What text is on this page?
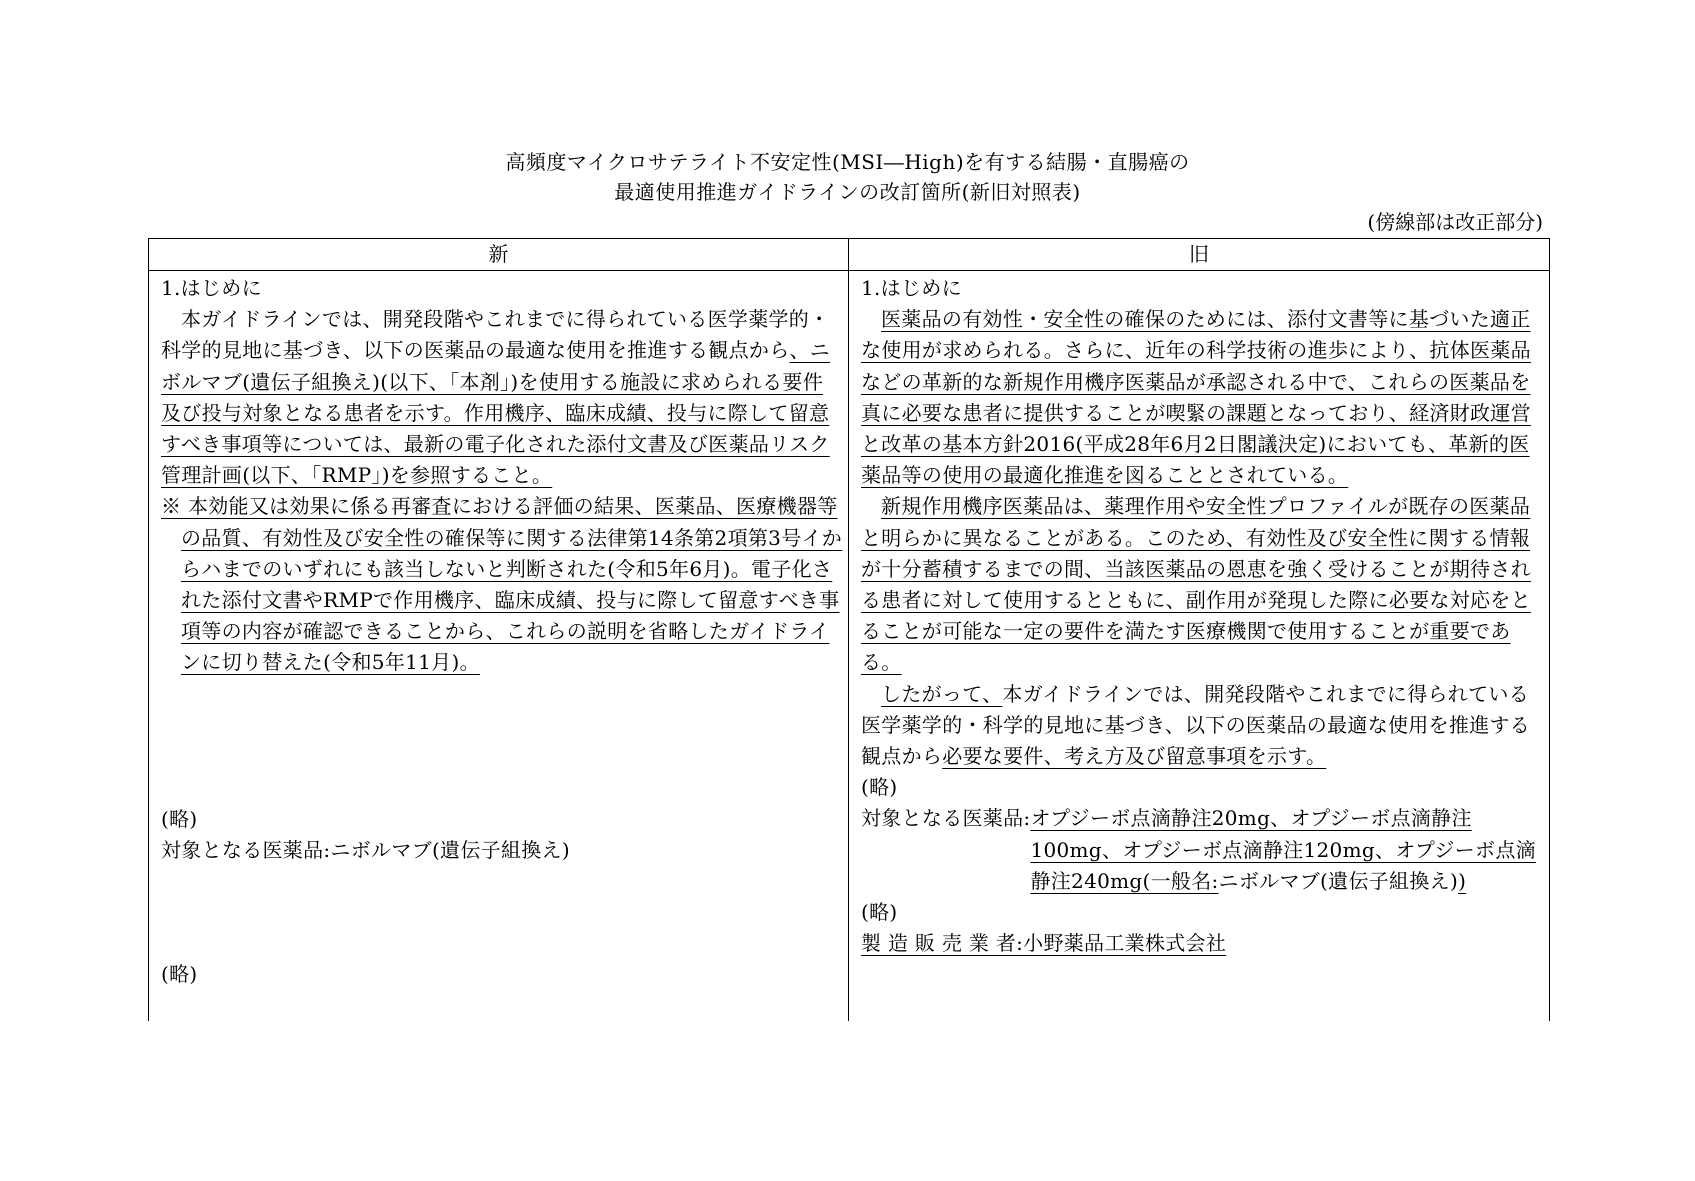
高頻度マイクロサテライト不安定性(MSI―High)を有する結腸・直腸癌の
最適使用推進ガイドラインの改訂箇所(新旧対照表)
(傍線部は改正部分)
新	旧

1.はじめに

本ガイドラインでは、開発段階やこれまでに得られている医学薬学的・科学的見地に基づき、以下の医薬品の最適な使用を推進する観点から、ニボルマブ(遺伝子組換え)(以下、「本剤」)を使用する施設に求められる要件及び投与対象となる患者を示す。作用機序、臨床成績、投与に際して留意すべき事項等については、最新の電子化された添付文書及び医薬品リスク管理計画(以下、「RMP」)を参照すること。

※ 本効能又は効果に係る再審査における評価の結果、医薬品、医療機器等の品質、有効性及び安全性の確保等に関する法律第14条第2項第3号イからハまでのいずれにも該当しないと判断された(令和5年6月)。電子化された添付文書やRMPで作用機序、臨床成績、投与に際して留意すべき事項等の内容が確認できることから、これらの説明を省略したガイドラインに切り替えた(令和5年11月)。

(略)

対象となる医薬品: ニボルマブ(遺伝子組換え)

(略)

1.はじめに

医薬品の有効性・安全性の確保のためには、添付文書等に基づいた適正な使用が求められる。さらに、近年の科学技術の進歩により、抗体医薬品などの革新的な新規作用機序医薬品が承認される中で、これらの医薬品を真に必要な患者に提供することが喫緊の課題となっており、経済財政運営と改革の基本方針2016(平成28年6月2日閣議決定)においても、革新的医薬品等の使用の最適化推進を図ることとされている。

新規作用機序医薬品は、薬理作用や安全性プロファイルが既存の医薬品と明らかに異なることがある。このため、有効性及び安全性に関する情報が十分蓄積するまでの間、当該医薬品の恩恵を強く受けることが期待される患者に対して使用するとともに、副作用が発現した際に必要な対応をとることが可能な一定の要件を満たす医療機関で使用することが重要である。

したがって、本ガイドラインでは、開発段階やこれまでに得られている医学薬学的・科学的見地に基づき、以下の医薬品の最適な使用を推進する観点から必要な要件、考え方及び留意事項を示す。

(略)

対象となる医薬品: オプジーボ点滴静注20mg、オプジーボ点滴静注100mg、オプジーボ点滴静注120mg、オプジーボ点滴静注240mg(一般名:ニボルマブ(遺伝子組換え))

(略)

製 造 販 売 業 者:小野薬品工業株式会社
